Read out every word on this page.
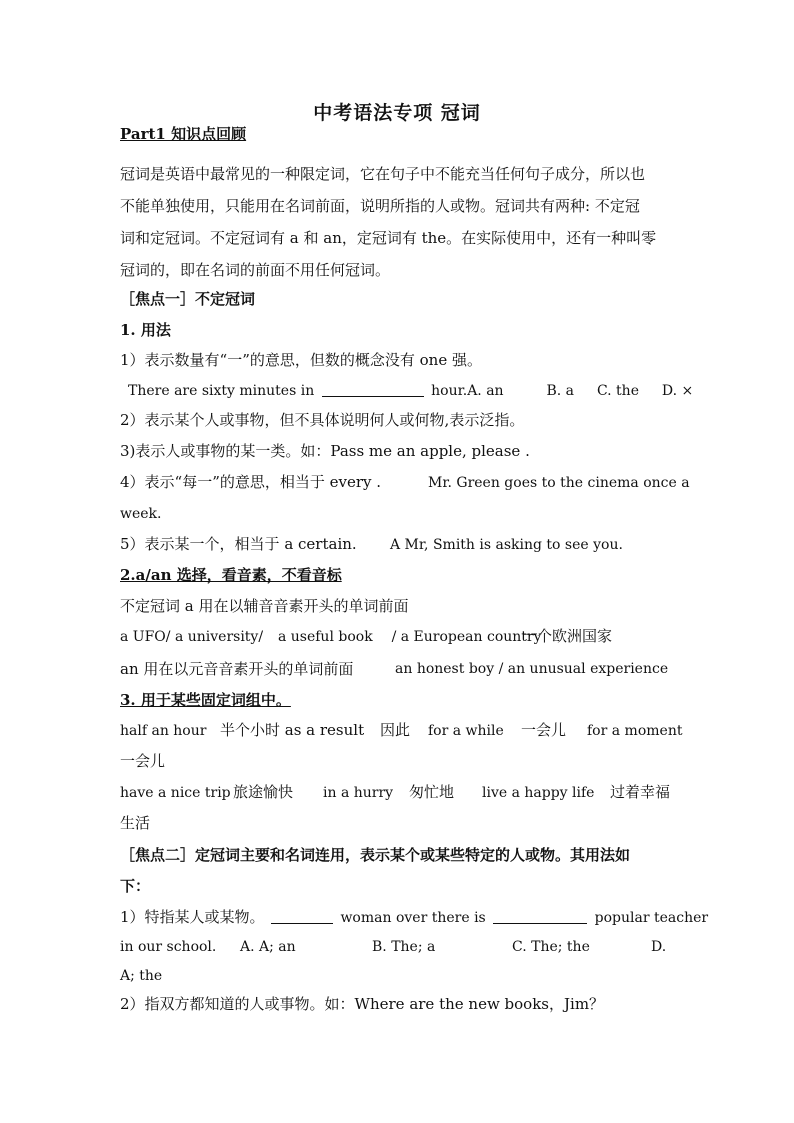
中考语法专项 冠词
Part1 知识点回顾
冠词是英语中最常见的一种限定词，它在句子中不能充当任何句子成分，所以也
不能单独使用，只能用在名词前面，说明所指的人或物。冠词共有两种: 不定冠
词和定冠词。不定冠词有 a 和 an，定冠词有 the。在实际使用中，还有一种叫零
冠词的，即在名词的前面不用任何冠词。
［焦点一］不定冠词
1. 用法
1）表示数量有“一”的意思，但数的概念没有 one 强。
There are sixty minutes in	hour.A. an	B. a C. the D. ×
2）表示某个人或事物，但不具体说明何人或何物,表示泛指。
3)表示人或事物的某一类。如：Pass me an apple, please .
4）表示“每一”的意思，相当于 every .	Mr. Green goes to the cinema once a
week.
5）表示某一个，相当于 a certain. A Mr, Smith is asking to see you.
2.a/an 选择，看音素，不看音标
不定冠词 a 用在以辅音音素开头的单词前面
a UFO/ a university/ a useful book / a European country
一个欧洲国家
an 用在以元音音素开头的单词前面	an honest boy / an unusual experience
3. 用于某些固定词组中。
half an hour 半个小时 as a result 因此 for a while 一会儿 for a moment
一会儿
have a nice trip 旅途愉快 in a hurry 匆忙地 live a happy life 过着幸福
生活
［焦点二］定冠词主要和名词连用，表示某个或某些特定的人或物。其用法如
下：
1）特指某人或某物。	woman over there is	popular teacher
in our school. A. A; an	B. The; a	C. The; the	D.
A; the
2）指双方都知道的人或事物。如：Where are the new books，Jim？
